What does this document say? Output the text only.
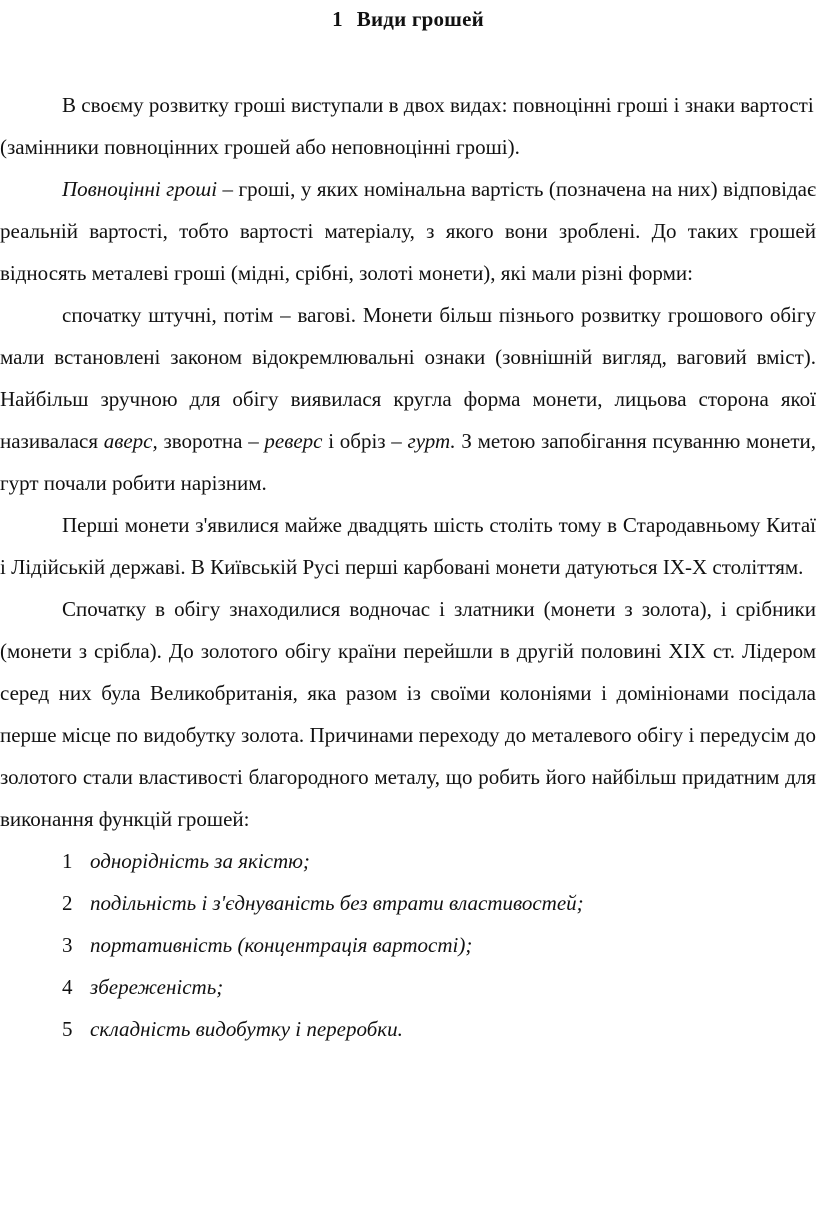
1 Види грошей

В своєму розвитку гроші виступали в двох видах: повноцінні гроші і знаки вартості (замінники повноцінних грошей або неповноцінні гроші).

Повноцінні гроші – гроші, у яких номінальна вартість (позначена на них) відповідає реальній вартості, тобто вартості матеріалу, з якого вони зроблені. До таких грошей відносять металеві гроші (мідні, срібні, золоті монети), які мали різні форми:

спочатку штучні, потім – вагові. Монети більш пізнього розвитку грошового обігу мали встановлені законом відокремлювальні ознаки (зовнішній вигляд, ваговий вміст). Найбільш зручною для обігу виявилася кругла форма монети, лицьова сторона якої називалася аверс, зворотна – реверс і обріз – гурт. З метою запобігання псуванню монети, гурт почали робити нарізним.

Перші монети з'явилися майже двадцять шість століть тому в Стародавньому Китаї і Лідійській державі. В Київській Русі перші карбовані монети датуються IX-X століттям.

Спочатку в обігу знаходилися водночас і златники (монети з золота), і срібники (монети з срібла). До золотого обігу країни перейшли в другій половині XIX ст. Лідером серед них була Великобританія, яка разом із своїми колоніями і домініонами посідала перше місце по видобутку золота. Причинами переходу до металевого обігу і передусім до золотого стали властивості благородного металу, що робить його найбільш придатним для виконання функцій грошей:

1 однорідність за якістю;

2 подільність і з'єднуваність без втрати властивостей;

3 портативність (концентрація вартості);

4 збереженість;

5 складність видобутку і переробки.
